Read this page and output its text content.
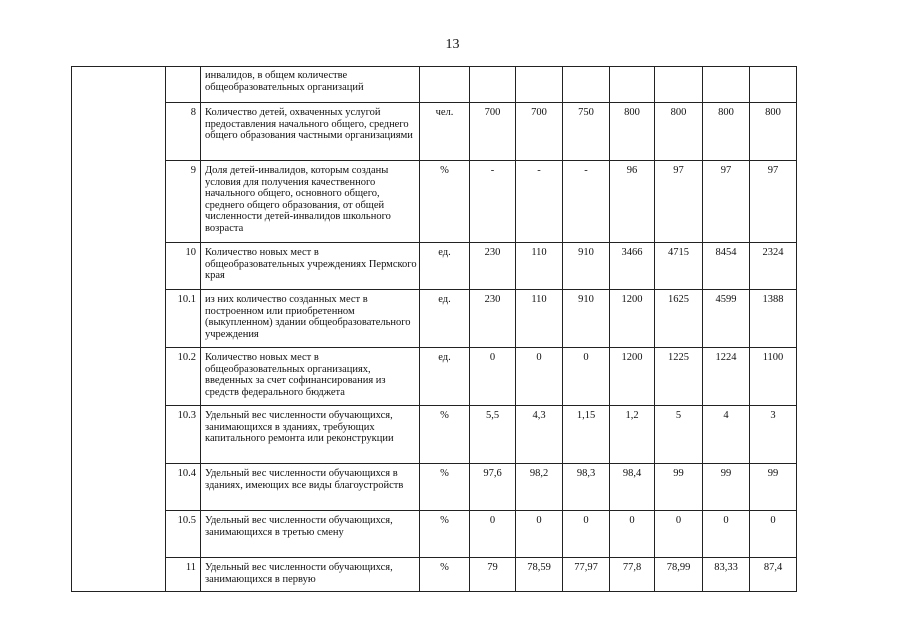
13
		инвалидов, в общем количестве общеобразовательных организаций								
	8	Количество детей, охваченных услугой предоставления начального общего, среднего общего образования частными организациями	чел.	700	700	750	800	800	800	800
	9	Доля детей-инвалидов, которым созданы условия для получения качественного начального общего, основного общего, среднего общего образования, от общей численности детей-инвалидов школьного возраста	%	-	-	-	96	97	97	97
	10	Количество новых мест в общеобразовательных учреждениях Пермского края	ед.	230	110	910	3466	4715	8454	2324
	10.1	из них количество созданных мест в построенном или приобретенном (выкупленном) здании общеобразовательного учреждения	ед.	230	110	910	1200	1625	4599	1388
	10.2	Количество новых мест в общеобразовательных организациях, введенных за счет софинансирования из средств федерального бюджета	ед.	0	0	0	1200	1225	1224	1100
	10.3	Удельный вес численности обучающихся, занимающихся в зданиях, требующих капитального ремонта или реконструкции	%	5,5	4,3	1,15	1,2	5	4	3
	10.4	Удельный вес численности обучающихся в зданиях, имеющих все виды благоустройств	%	97,6	98,2	98,3	98,4	99	99	99
	10.5	Удельный вес численности обучающихся, занимающихся в третью смену	%	0	0	0	0	0	0	0
	11	Удельный вес численности обучающихся, занимающихся в первую	%	79	78,59	77,97	77,8	78,99	83,33	87,4
